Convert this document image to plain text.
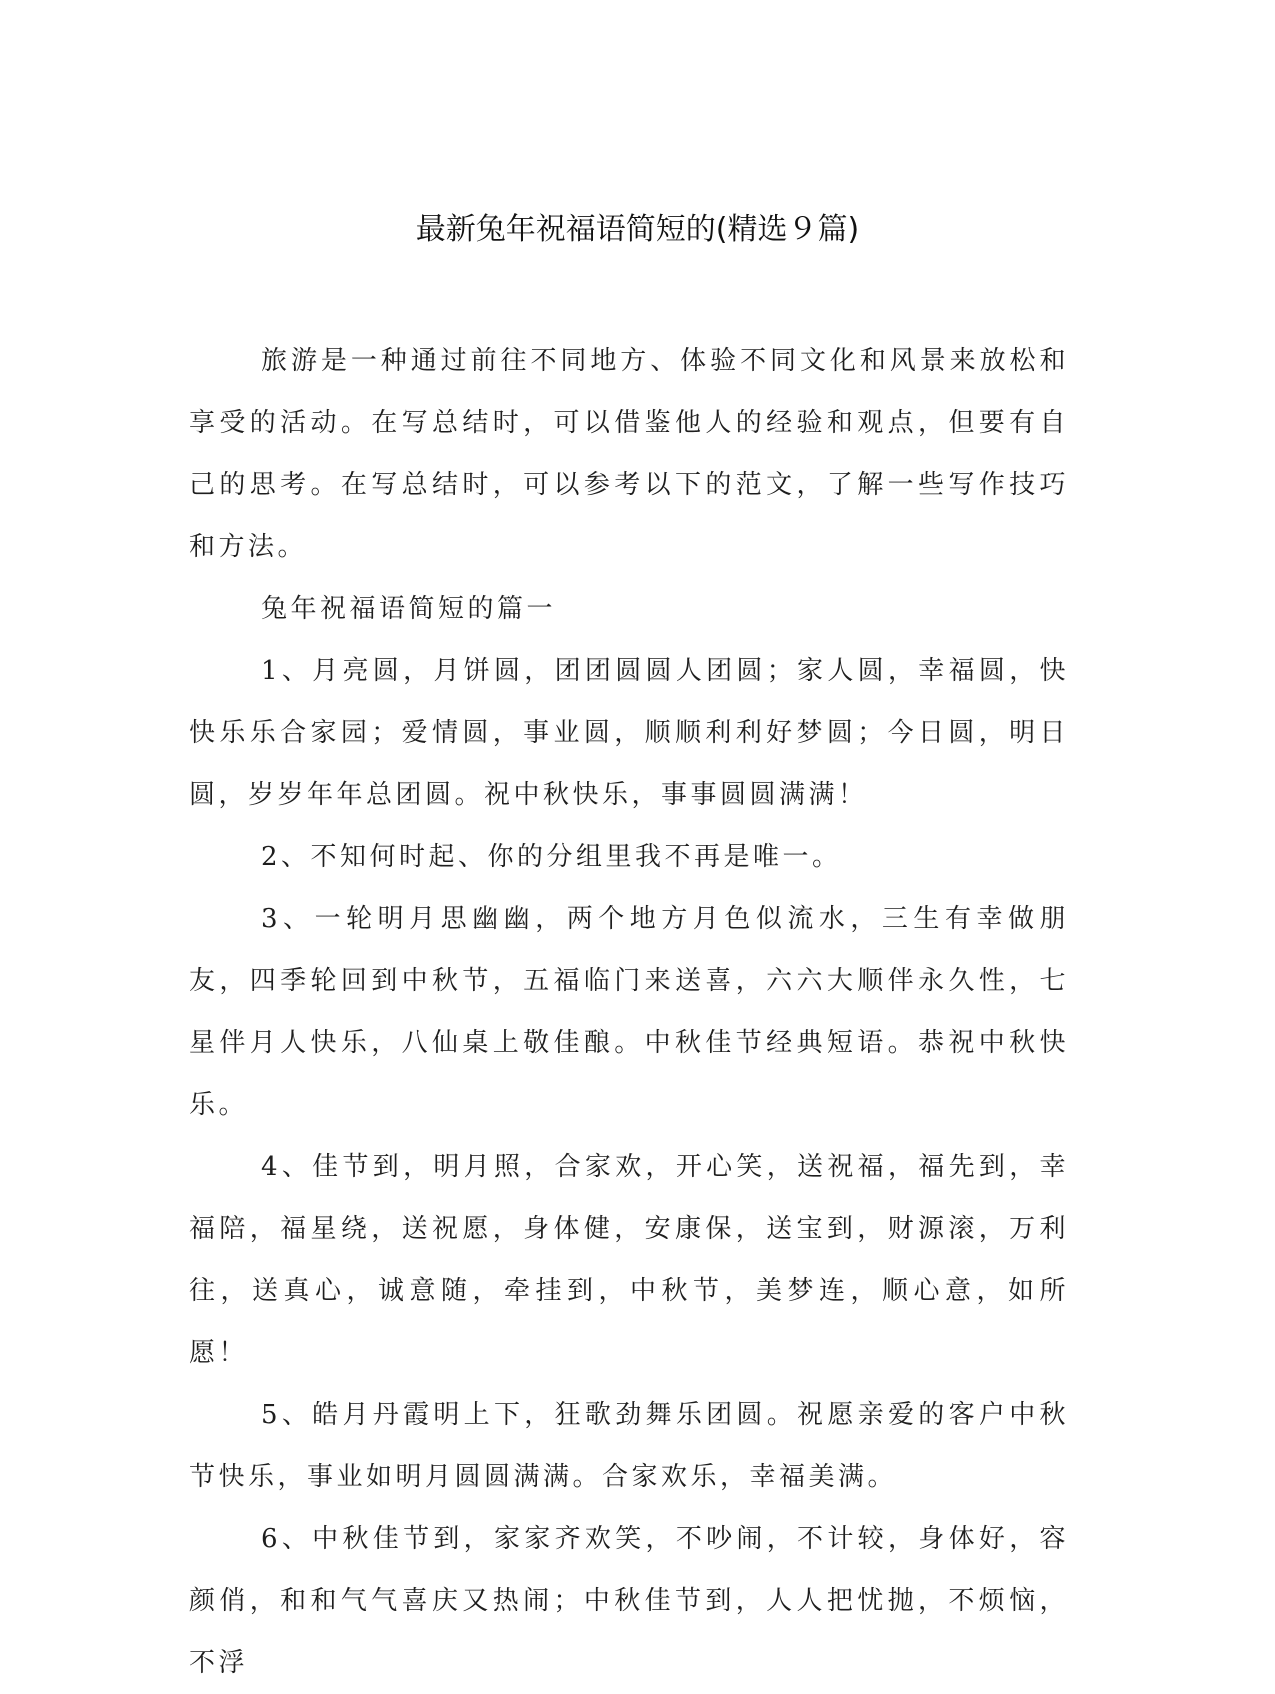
最新兔年祝福语简短的(精选９篇)

旅游是一种通过前往不同地方、体验不同文化和风景来放松和享受的活动。在写总结时，可以借鉴他人的经验和观点，但要有自己的思考。在写总结时，可以参考以下的范文，了解一些写作技巧和方法。

兔年祝福语简短的篇一

1、月亮圆，月饼圆，团团圆圆人团圆；家人圆，幸福圆，快快乐乐合家园；爱情圆，事业圆，顺顺利利好梦圆；今日圆，明日圆，岁岁年年总团圆。祝中秋快乐，事事圆圆满满！

2、不知何时起、你的分组里我不再是唯一。

3、一轮明月思幽幽，两个地方月色似流水，三生有幸做朋友，四季轮回到中秋节，五福临门来送喜，六六大顺伴永久性，七星伴月人快乐，八仙桌上敬佳酿。中秋佳节经典短语。恭祝中秋快乐。

4、佳节到，明月照，合家欢，开心笑，送祝福，福先到，幸福陪，福星绕，送祝愿，身体健，安康保，送宝到，财源滚，万利往，送真心，诚意随，牵挂到，中秋节，美梦连，顺心意，如所愿！

5、皓月丹霞明上下，狂歌劲舞乐团圆。祝愿亲爱的客户中秋节快乐，事业如明月圆圆满满。合家欢乐，幸福美满。

6、中秋佳节到，家家齐欢笑，不吵闹，不计较，身体好，容颜俏，和和气气喜庆又热闹；中秋佳节到，人人把忧抛，不烦恼，不浮
